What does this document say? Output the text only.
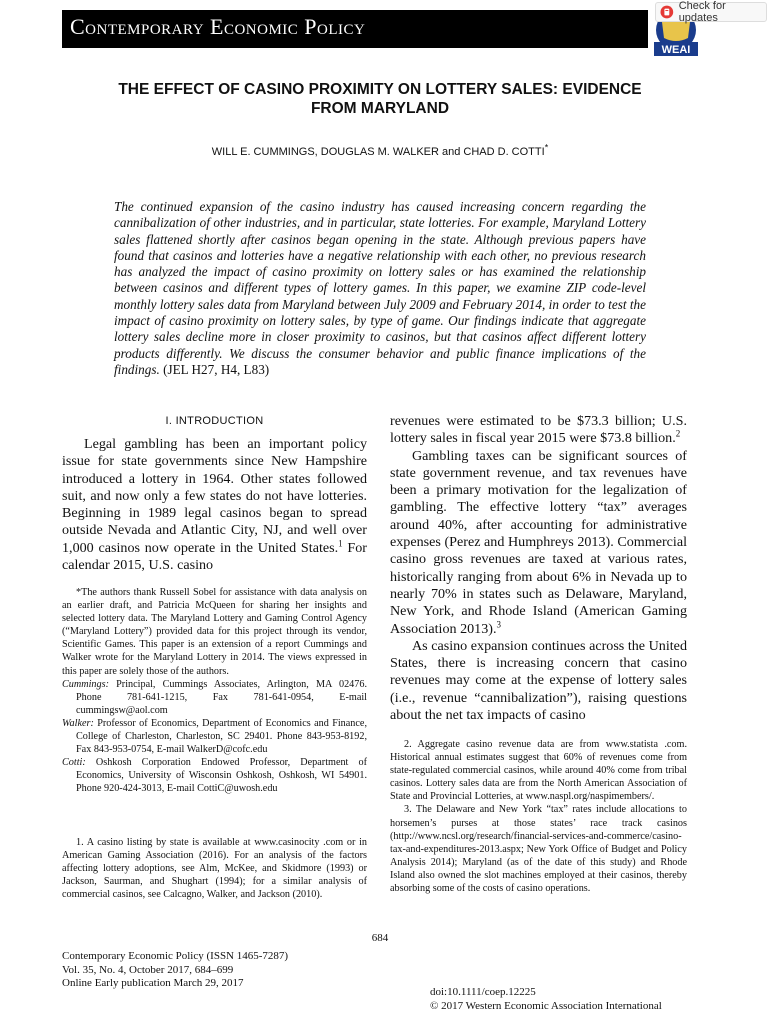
Contemporary Economic Policy
WEAI
Check for updates
THE EFFECT OF CASINO PROXIMITY ON LOTTERY SALES: EVIDENCE
FROM MARYLAND
WILL E. CUMMINGS, DOUGLAS M. WALKER and CHAD D. COTTI*
The continued expansion of the casino industry has caused increasing concern regarding the cannibalization of other industries, and in particular, state lotteries. For example, Maryland Lottery sales flattened shortly after casinos began opening in the state. Although previous papers have found that casinos and lotteries have a negative relationship with each other, no previous research has analyzed the impact of casino proximity on lottery sales or has examined the relationship between casinos and different types of lottery games. In this paper, we examine ZIP code-level monthly lottery sales data from Maryland between July 2009 and February 2014, in order to test the impact of casino proximity on lottery sales, by type of game. Our findings indicate that aggregate lottery sales decline more in closer proximity to casinos, but that casinos affect different lottery products differently. We discuss the consumer behavior and public finance implications of the findings. (JEL H27, H4, L83)
I. INTRODUCTION

Legal gambling has been an important policy issue for state governments since New Hampshire introduced a lottery in 1964. Other states followed suit, and now only a few states do not have lotteries. Beginning in 1989 legal casinos began to spread outside Nevada and Atlantic City, NJ, and well over 1,000 casinos now operate in the United States.$^1$ For calendar 2015, U.S. casino

*The authors thank Russell Sobel for assistance with data analysis on an earlier draft, and Patricia McQueen for sharing her insights and selected lottery data. The Maryland Lottery and Gaming Control Agency (“Maryland Lottery”) provided data for this project through its vendor, Scientific Games. This paper is an extension of a report Cummings and Walker wrote for the Maryland Lottery in 2014. The views expressed in this paper are solely those of the authors.

Cummings: Principal, Cummings Associates, Arlington, MA 02476. Phone 781-641-1215, Fax 781-641-0954, E-mail cummingsw@aol.com

Walker: Professor of Economics, Department of Economics and Finance, College of Charleston, Charleston, SC 29401. Phone 843-953-8192, Fax 843-953-0754, E-mail WalkerD@cofc.edu

Cotti: Oshkosh Corporation Endowed Professor, Department of Economics, University of Wisconsin Oshkosh, Oshkosh, WI 54901. Phone 920-424-3013, E-mail CottiC@uwosh.edu

1. A casino listing by state is available at www.casinocity .com or in American Gaming Association (2016). For an analysis of the factors affecting lottery adoptions, see Alm, McKee, and Skidmore (1993) or Jackson, Saurman, and Shughart (1994); for a similar analysis of commercial casinos, see Calcagno, Walker, and Jackson (2010).

revenues were estimated to be $73.3 billion; U.S. lottery sales in fiscal year 2015 were $73.8 billion.$^2$

Gambling taxes can be significant sources of state government revenue, and tax revenues have been a primary motivation for the legalization of gambling. The effective lottery “tax” averages around 40%, after accounting for administrative expenses (Perez and Humphreys 2013). Commercial casino gross revenues are taxed at various rates, historically ranging from about 6% in Nevada up to nearly 70% in states such as Delaware, Maryland, New York, and Rhode Island (American Gaming Association 2013).$^3$

As casino expansion continues across the United States, there is increasing concern that casino revenues may come at the expense of lottery sales (i.e., revenue “cannibalization”), raising questions about the net tax impacts of casino

2. Aggregate casino revenue data are from www.statista .com. Historical annual estimates suggest that 60% of revenues come from state-regulated commercial casinos, while around 40% come from tribal casinos. Lottery sales data are from the North American Association of State and Provincial Lotteries, at www.naspl.org/naspimembers/.

3. The Delaware and New York “tax” rates include allocations to horsemen’s purses at those states’ race track casinos (http://www.ncsl.org/research/financial-services-and-commerce/casino-tax-and-expenditures-2013.aspx; New York Office of Budget and Policy Analysis 2014); Maryland (as of the date of this study) and Rhode Island also owned the slot machines employed at their casinos, thereby absorbing some of the costs of casino operations.

684
Contemporary Economic Policy (ISSN 1465-7287)
Vol. 35, No. 4, October 2017, 684–699
Online Early publication March 29, 2017
doi:10.1111/coep.12225
© 2017 Western Economic Association International
